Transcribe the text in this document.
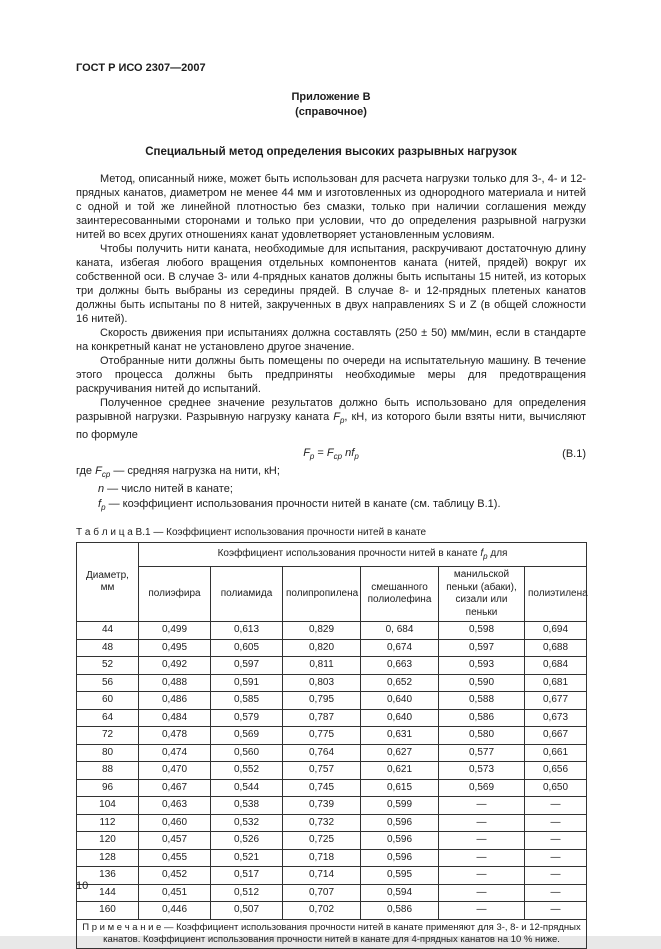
ГОСТ Р ИСО 2307—2007
Приложение В
(справочное)
Специальный метод определения высоких разрывных нагрузок

Метод, описанный ниже, может быть использован для расчета нагрузки только для 3-, 4- и 12-прядных канатов, диаметром не менее 44 мм и изготовленных из однородного материала и нитей с одной и той же линейной плотностью без смазки, только при наличии соглашения между заинтересованными сторонами и только при условии, что до определения разрывной нагрузки нитей во всех других отношениях канат удовлетворяет установленным условиям.

Чтобы получить нити каната, необходимые для испытания, раскручивают достаточную длину каната, избегая любого вращения отдельных компонентов каната (нитей, прядей) вокруг их собственной оси. В случае 3- или 4-прядных канатов должны быть испытаны 15 нитей, из которых три должны быть выбраны из середины прядей. В случае 8- и 12-прядных плетеных канатов должны быть испытаны по 8 нитей, закрученных в двух направлениях S и Z (в общей сложности 16 нитей).

Скорость движения при испытаниях должна составлять (250 ± 50) мм/мин, если в стандарте на конкретный канат не установлено другое значение.

Отобранные нити должны быть помещены по очереди на испытательную машину. В течение этого процесса должны быть предприняты необходимые меры для предотвращения раскручивания нитей до испытаний.

Полученное среднее значение результатов должно быть использовано для определения разрывной нагрузки. Разрывную нагрузку каната $F_р$, кН, из которого были взяты нити, вычисляют по формуле

$F_р = F_{ср}$ $nf_р$	(В.1)
где $F_{ср}$ — средняя нагрузка на нити, кН;
n — число нитей в канате;
$f_р$ — коэффициент использования прочности нитей в канате (см. таблицу В.1).
Т а б л и ц а В.1 — Коэффициент использования прочности нитей в канате
Диаметр, мм	Коэффициент использования прочности нитей в канате $f_р$ для					
	полиэфира	полиамида	полипропилена	смешанного полиолефина	манильской пеньки (абаки), сизали или пеньки	полиэтилена
44	0,499	0,613	0,829	0, 684	0,598	0,694
48	0,495	0,605	0,820	0,674	0,597	0,688
52	0,492	0,597	0,811	0,663	0,593	0,684
56	0,488	0,591	0,803	0,652	0,590	0,681
60	0,486	0,585	0,795	0,640	0,588	0,677
64	0,484	0,579	0,787	0,640	0,586	0,673
72	0,478	0,569	0,775	0,631	0,580	0,667
80	0,474	0,560	0,764	0,627	0,577	0,661
88	0,470	0,552	0,757	0,621	0,573	0,656
96	0,467	0,544	0,745	0,615	0,569	0,650
104	0,463	0,538	0,739	0,599	—	—
112	0,460	0,532	0,732	0,596	—	—
120	0,457	0,526	0,725	0,596	—	—
128	0,455	0,521	0,718	0,596	—	—
136	0,452	0,517	0,714	0,595	—	—
144	0,451	0,512	0,707	0,594	—	—
160	0,446	0,507	0,702	0,586	—	—
П р и м е ч а н и е — Коэффициент использования прочности нитей в канате применяют для 3-, 8- и 12-прядных канатов. Коэффициент использования прочности нитей в канате для 4-прядных канатов на 10 % ниже.						
10
